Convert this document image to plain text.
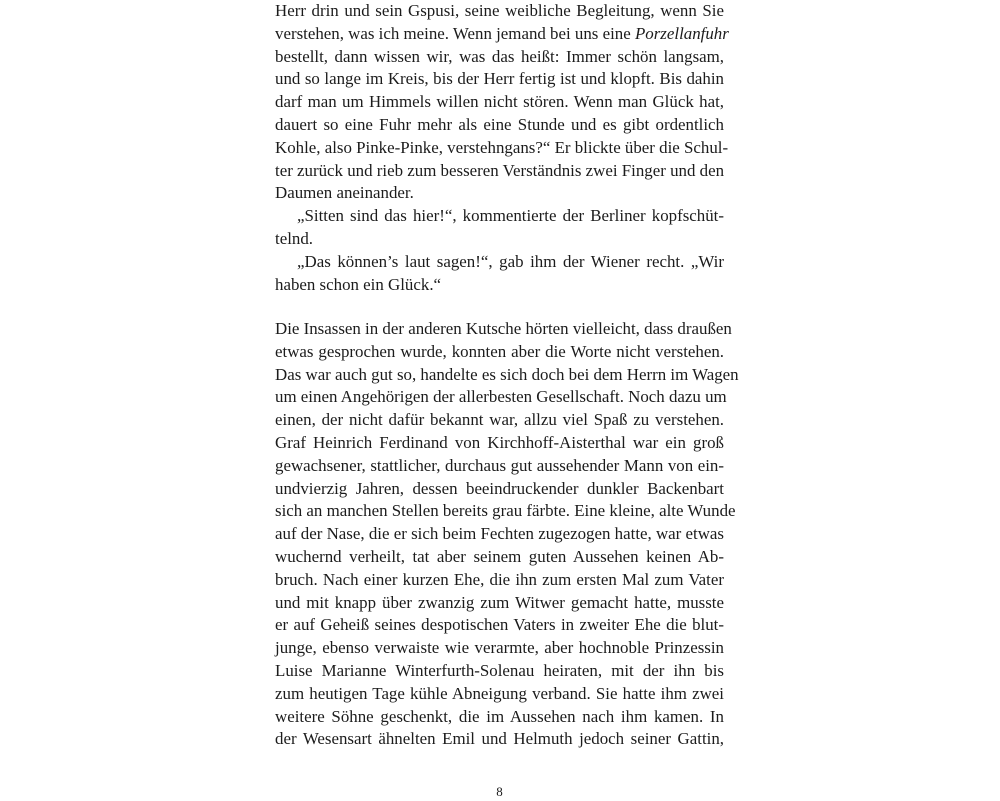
Herr drin und sein Gspusi, seine weibliche Begleitung, wenn Sie
verstehen, was ich meine. Wenn jemand bei uns eine Porzellanfuhr
bestellt, dann wissen wir, was das heißt: Immer schön langsam,
und so lange im Kreis, bis der Herr fertig ist und klopft. Bis dahin
darf man um Himmels willen nicht stören. Wenn man Glück hat,
dauert so eine Fuhr mehr als eine Stunde und es gibt ordentlich
Kohle, also Pinke-Pinke, verstehngans?“ Er blickte über die Schul-
ter zurück und rieb zum besseren Verständnis zwei Finger und den
Daumen aneinander.
„Sitten sind das hier!“, kommentierte der Berliner kopfschüt-
telnd.
„Das können’s laut sagen!“, gab ihm der Wiener recht. „Wir
haben schon ein Glück.“
Die Insassen in der anderen Kutsche hörten vielleicht, dass draußen
etwas gesprochen wurde, konnten aber die Worte nicht verstehen.
Das war auch gut so, handelte es sich doch bei dem Herrn im Wagen
um einen Angehörigen der allerbesten Gesellschaft. Noch dazu um
einen, der nicht dafür bekannt war, allzu viel Spaß zu verstehen.
Graf Heinrich Ferdinand von Kirchhoff-Aisterthal war ein groß
gewachsener, stattlicher, durchaus gut aussehender Mann von ein-
undvierzig Jahren, dessen beeindruckender dunkler Backenbart
sich an manchen Stellen bereits grau färbte. Eine kleine, alte Wunde
auf der Nase, die er sich beim Fechten zugezogen hatte, war etwas
wuchernd verheilt, tat aber seinem guten Aussehen keinen Ab-
bruch. Nach einer kurzen Ehe, die ihn zum ersten Mal zum Vater
und mit knapp über zwanzig zum Witwer gemacht hatte, musste
er auf Geheiß seines despotischen Vaters in zweiter Ehe die blut-
junge, ebenso verwaiste wie verarmte, aber hochnoble Prinzessin
Luise Marianne Winterfurth-Solenau heiraten, mit der ihn bis
zum heutigen Tage kühle Abneigung verband. Sie hatte ihm zwei
weitere Söhne geschenkt, die im Aussehen nach ihm kamen. In
der Wesensart ähnelten Emil und Helmuth jedoch seiner Gattin,
8
